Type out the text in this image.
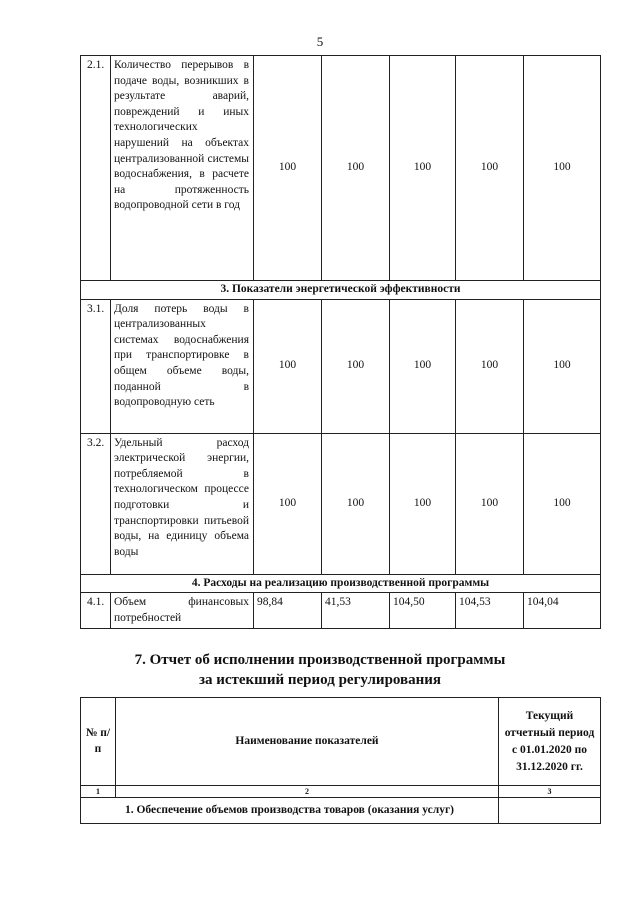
5
2.1.	Количество перерывов в подаче воды, возникших в результате аварий, повреждений и иных технологических нарушений на объектах централизованной системы водоснабжения, в расчете на протяженность водопроводной сети в год	100	100	100	100	100
3. Показатели энергетической эффективности						
3.1.	Доля потерь воды в централизованных системах водоснабжения при транспортировке в общем объеме воды, поданной в водопроводную сеть	100	100	100	100	100
3.2.	Удельный расход электрической энергии, потребляемой в технологическом процессе подготовки и транспортировки питьевой воды, на единицу объема воды	100	100	100	100	100
4. Расходы на реализацию производственной программы						
4.1.	Объем финансовых потребностей	98,84	41,53	104,50	104,53	104,04
7. Отчет об исполнении производственной программы
за истекший период регулирования
№ п/п	Наименование показателей	Текущий отчетный период с 01.01.2020 по 31.12.2020 гг.
1	2	3
1. Обеспечение объемов производства товаров (оказания услуг)		
